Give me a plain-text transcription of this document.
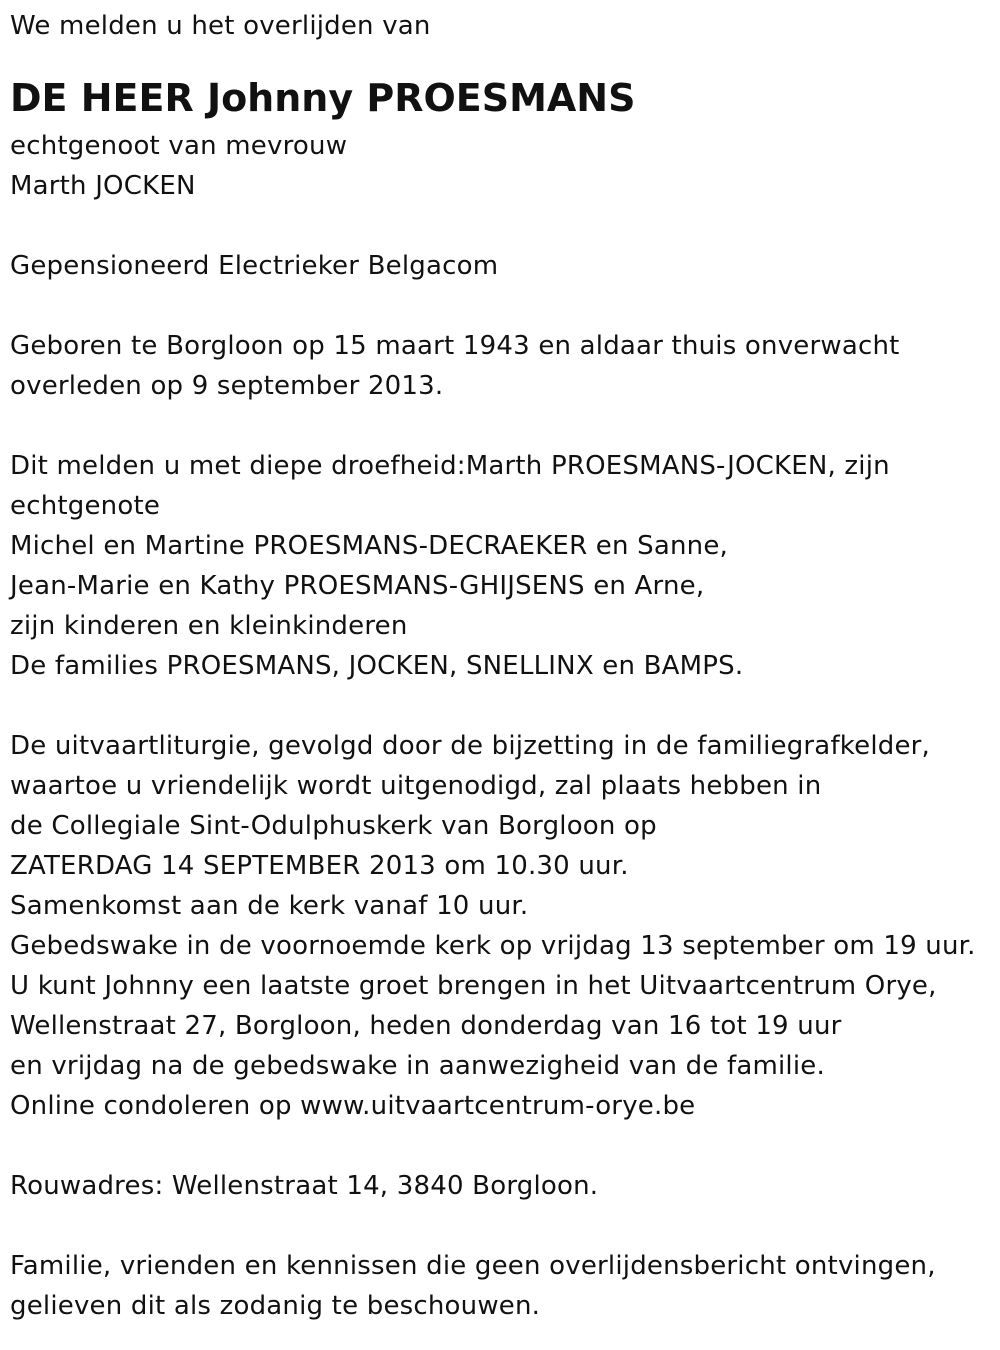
We melden u het overlijden van
DE HEER Johnny PROESMANS
echtgenoot van mevrouw
Marth JOCKEN
Gepensioneerd Electrieker Belgacom
Geboren te Borgloon op 15 maart 1943 en aldaar thuis onverwacht
overleden op 9 september 2013.
Dit melden u met diepe droefheid:Marth PROESMANS-JOCKEN, zijn
echtgenote
Michel en Martine PROESMANS-DECRAEKER en Sanne,
Jean-Marie en Kathy PROESMANS-GHIJSENS en Arne,
zijn kinderen en kleinkinderen
De families PROESMANS, JOCKEN, SNELLINX en BAMPS.
De uitvaartliturgie, gevolgd door de bijzetting in de familiegrafkelder,
waartoe u vriendelijk wordt uitgenodigd, zal plaats hebben in
de Collegiale Sint-Odulphuskerk van Borgloon op
ZATERDAG 14 SEPTEMBER 2013 om 10.30 uur.
Samenkomst aan de kerk vanaf 10 uur.
Gebedswake in de voornoemde kerk op vrijdag 13 september om 19 uur.
U kunt Johnny een laatste groet brengen in het Uitvaartcentrum Orye,
Wellenstraat 27, Borgloon, heden donderdag van 16 tot 19 uur
en vrijdag na de gebedswake in aanwezigheid van de familie.
Online condoleren op www.uitvaartcentrum-orye.be
Rouwadres: Wellenstraat 14, 3840 Borgloon.
Familie, vrienden en kennissen die geen overlijdensbericht ontvingen,
gelieven dit als zodanig te beschouwen.
